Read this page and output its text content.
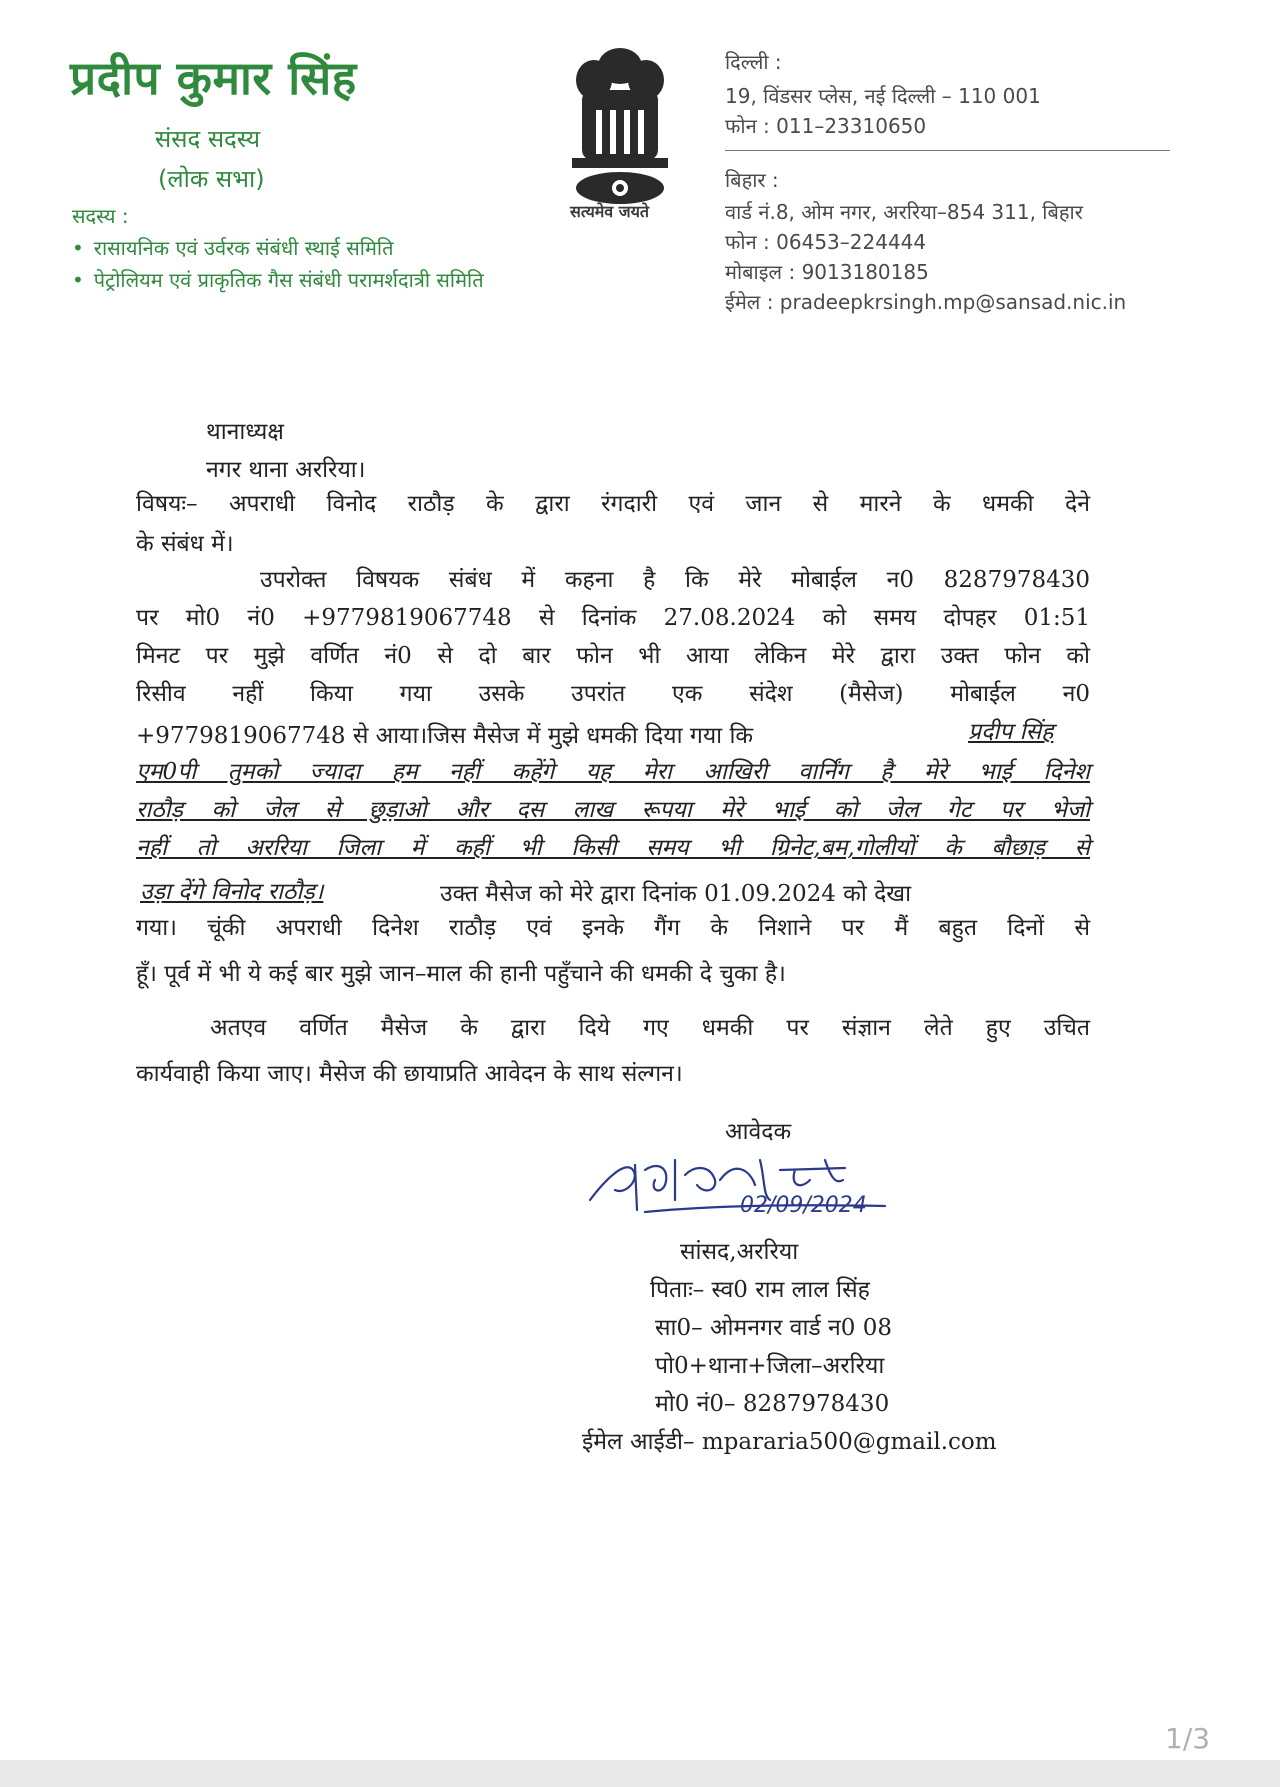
प्रदीप कुमार सिंह
संसद सदस्य
(लोक सभा)
सदस्य :
• रासायनिक एवं उर्वरक संबंधी स्थाई समिति
• पेट्रोलियम एवं प्राकृतिक गैस संबंधी परामर्शदात्री समिति
सत्यमेव जयते
दिल्ली :
19, विंडसर प्लेस, नई दिल्ली – 110 001
फोन : 011–23310650
बिहार :
वार्ड नं.8, ओम नगर, अररिया–854 311, बिहार
फोन : 06453–224444
मोबाइल : 9013180185
ईमेल : pradeepkrsingh.mp@sansad.nic.in
थानाध्यक्ष
नगर थाना अररिया।
विषयः– अपराधी विनोद राठौड़ के द्वारा रंगदारी एवं जान से मारने के धमकी देने
के संबंध में।
उपरोक्त विषयक संबंध में कहना है कि मेरे मोबाईल न0 8287978430
पर मो0 नं0 +9779819067748 से दिनांक 27.08.2024 को समय दोपहर 01:51
मिनट पर मुझे वर्णित नं0 से दो बार फोन भी आया लेकिन मेरे द्वारा उक्त फोन को
रिसीव नहीं किया गया उसके उपरांत एक संदेश (मैसेज) मोबाईल न0
+9779819067748 से आया।जिस मैसेज में मुझे धमकी दिया गया कि	प्रदीप सिंह
एम0पी तुमको ज्यादा हम नहीं कहेंगे यह मेरा आखिरी वार्निंग है मेरे भाई दिनेश
राठौड़ को जेल से छुड़ाओ और दस लाख रूपया मेरे भाई को जेल गेट पर भेजो
नहीं तो अररिया जिला में कहीं भी किसी समय भी ग्रिनेट,बम,गोलीयों के बौछाड़ से
उड़ा देंगे विनोद राठौड़।	उक्त मैसेज को मेरे द्वारा दिनांक 01.09.2024 को देखा
गया। चूंकी अपराधी दिनेश राठौड़ एवं इनके गैंग के निशाने पर मैं बहुत दिनों से
हूँ। पूर्व में भी ये कई बार मुझे जान–माल की हानी पहुँचाने की धमकी दे चुका है।
अतएव वर्णित मैसेज के द्वारा दिये गए धमकी पर संज्ञान लेते हुए उचित
कार्यवाही किया जाए। मैसेज की छायाप्रति आवेदन के साथ संल्गन।
आवेदक
02/09/2024
सांसद,अररिया
पिताः– स्व0 राम लाल सिंह
सा0– ओमनगर वार्ड न0 08
पो0+थाना+जिला–अररिया
मो0 नं0– 8287978430
ईमेल आईडी– mpararia500@gmail.com
1/3
